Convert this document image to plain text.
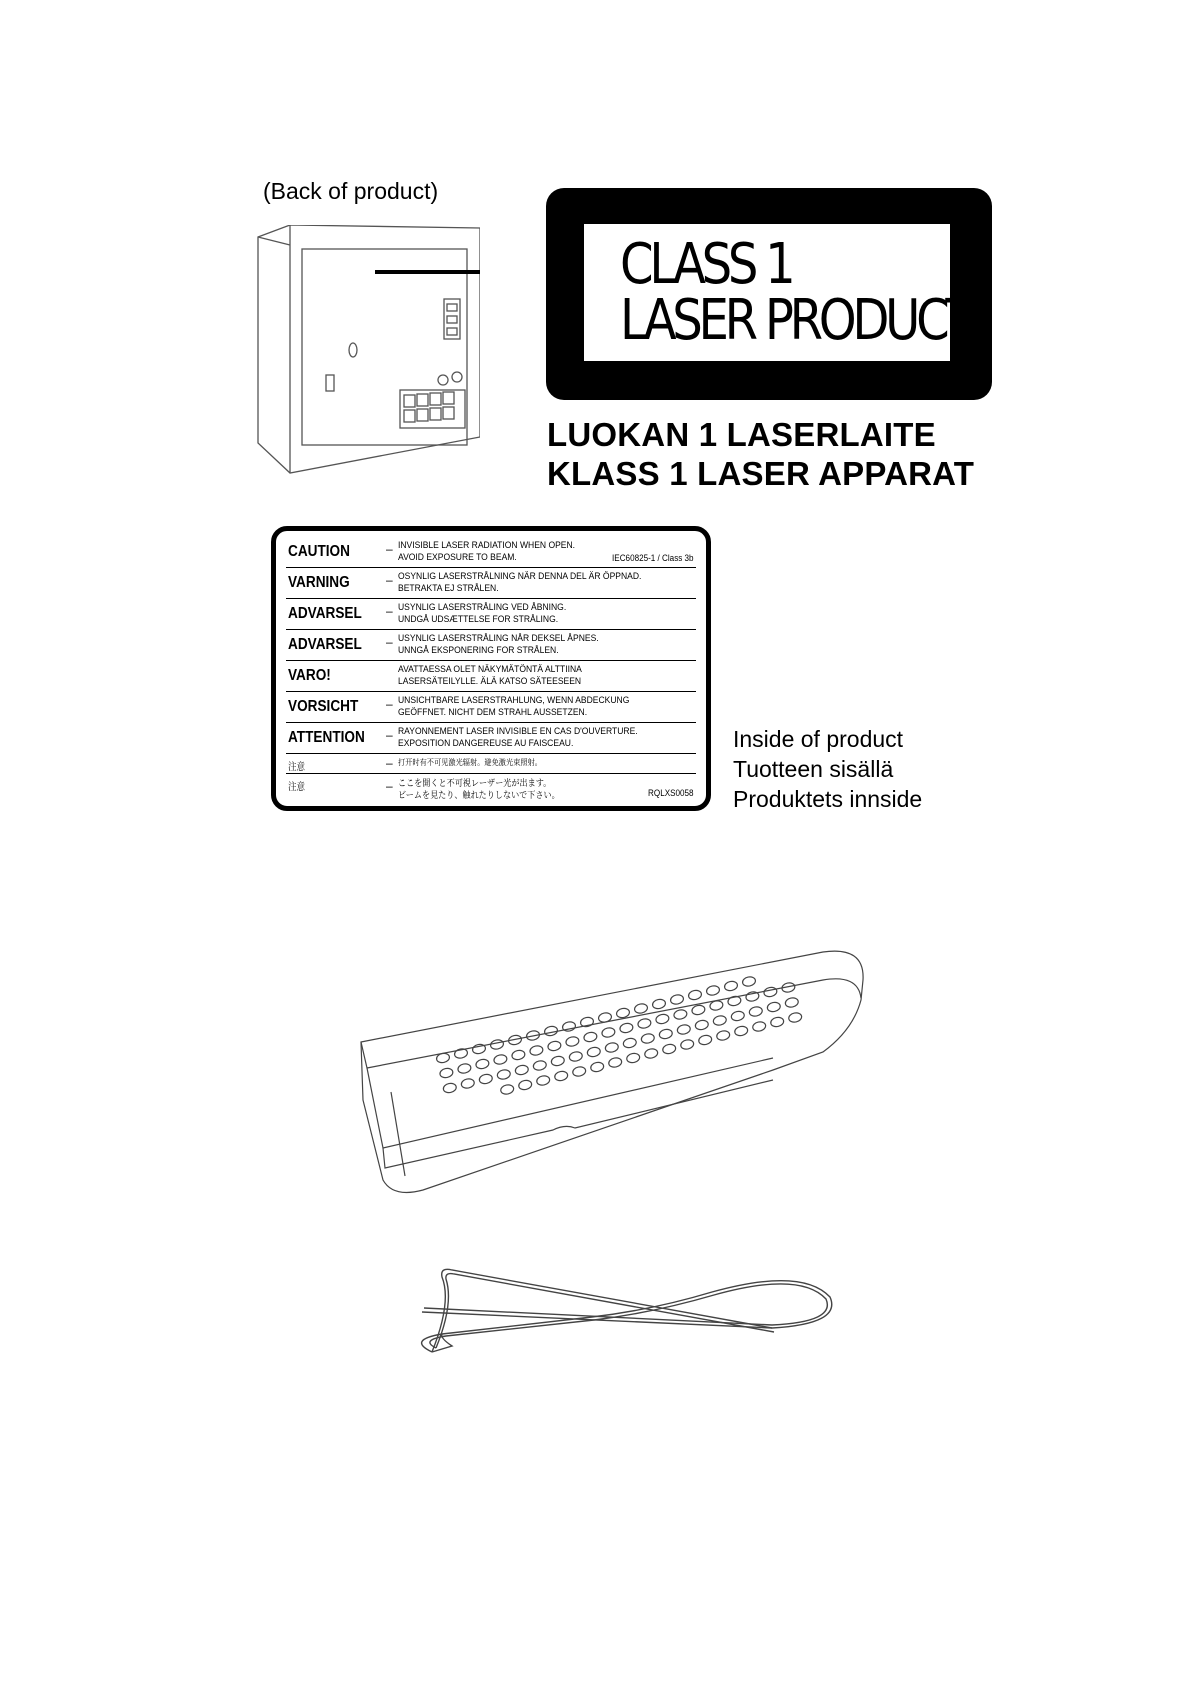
(Back of product)
CLASS 1
LASER PRODUCT
LUOKAN 1 LASERLAITE
KLASS 1 LASER APPARAT
CAUTION	– INVISIBLE LASER RADIATION WHEN OPEN.
AVOID EXPOSURE TO BEAM.	IEC60825-1 / Class 3b
VARNING	– OSYNLIG LASERSTRÅLNING NÄR DENNA DEL ÄR ÖPPNAD.
BETRAKTA EJ STRÅLEN.
ADVARSEL – USYNLIG LASERSTRÅLING VED ÅBNING.
UNDGÅ UDSÆTTELSE FOR STRÅLING.
ADVARSEL – USYNLIG LASERSTRÅLING NÅR DEKSEL ÅPNES.
UNNGÅ EKSPONERING FOR STRÅLEN.
VARO!	AVATTAESSA OLET NÄKYMÄTÖNTÄ ALTTIINA
LASERSÄTEILYLLE. ÄLÄ KATSO SÄTEESEEN
VORSICHT – UNSICHTBARE LASERSTRAHLUNG, WENN ABDECKUNG
GEÖFFNET. NICHT DEM STRAHL AUSSETZEN.
ATTENTION – RAYONNEMENT LASER INVISIBLE EN CAS D'OUVERTURE.
EXPOSITION DANGEREUSE AU FAISCEAU.
注意	– 打开时有不可见激光辐射。避免激光束照射。
注意	– ここを開くと不可視レーザー光が出ます。
ビームを見たり、触れたりしないで下さい。	RQLXS0058
Inside of product
Tuotteen sisällä
Produktets innside
